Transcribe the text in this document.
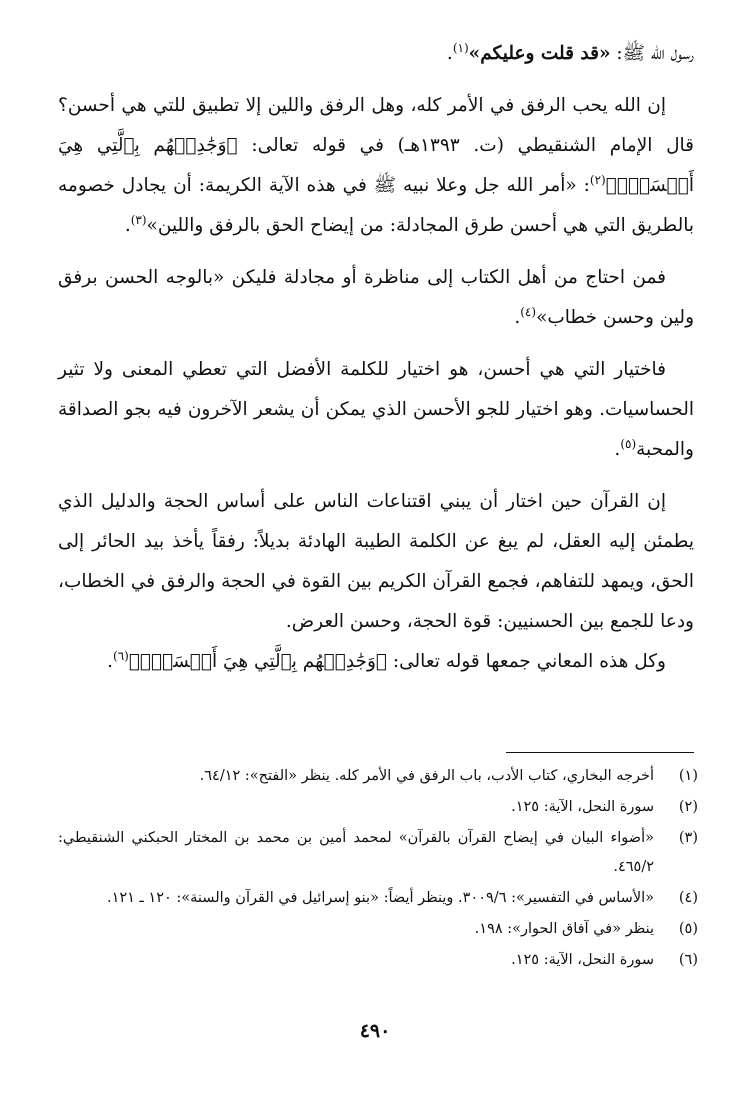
رسول الله ﷺ: «قد قلت وعليكم»$^{(١)}$.

إن الله يحب الرفق في الأمر كله، وهل الرفق واللين إلا تطبيق للتي هي أحسن؟ قال الإمام الشنقيطي (ت. ١٣٩٣هـ) في قوله تعالى: ﴿وَجَٰدِلۡهُم بِٱلَّتِي هِيَ أَحۡسَنُۚ﴾$^{(٢)}$: «أمر الله جل وعلا نبيه ﷺ في هذه الآية الكريمة: أن يجادل خصومه بالطريق التي هي أحسن طرق المجادلة: من إيضاح الحق بالرفق واللين»$^{(٣)}$.

فمن احتاج من أهل الكتاب إلى مناظرة أو مجادلة فليكن «بالوجه الحسن برفق ولين وحسن خطاب»$^{(٤)}$.

فاختيار التي هي أحسن، هو اختيار للكلمة الأفضل التي تعطي المعنى ولا تثير الحساسيات. وهو اختيار للجو الأحسن الذي يمكن أن يشعر الآخرون فيه بجو الصداقة والمحبة$^{(٥)}$.

إن القرآن حين اختار أن يبني اقتناعات الناس على أساس الحجة والدليل الذي يطمئن إليه العقل، لم يبغ عن الكلمة الطيبة الهادئة بديلاً: رفقاً يأخذ بيد الحائر إلى الحق، ويمهد للتفاهم، فجمع القرآن الكريم بين القوة في الحجة والرفق في الخطاب، ودعا للجمع بين الحسنيين: قوة الحجة، وحسن العرض.

وكل هذه المعاني جمعها قوله تعالى: ﴿وَجَٰدِلۡهُم بِٱلَّتِي هِيَ أَحۡسَنُۚ﴾$^{(٦)}$.

(١)
أخرجه البخاري، كتاب الأدب، باب الرفق في الأمر كله. ينظر «الفتح»: ٦٤/١٢.
(٢)
سورة النحل، الآية: ١٢٥.
(٣)
«أضواء البيان في إيضاح القرآن بالقرآن» لمحمد أمين بن محمد بن المختار الحبكني الشنقيطي: ٤٦٥/٢.
(٤)
«الأساس في التفسير»: ٣٠٠٩/٦. وينظر أيضاً: «بنو إسرائيل في القرآن والسنة»: ١٢٠ ـ ١٢١.
(٥)
ينظر «في آفاق الحوار»: ١٩٨.
(٦)
سورة النحل، الآية: ١٢٥.
٤٩٠
